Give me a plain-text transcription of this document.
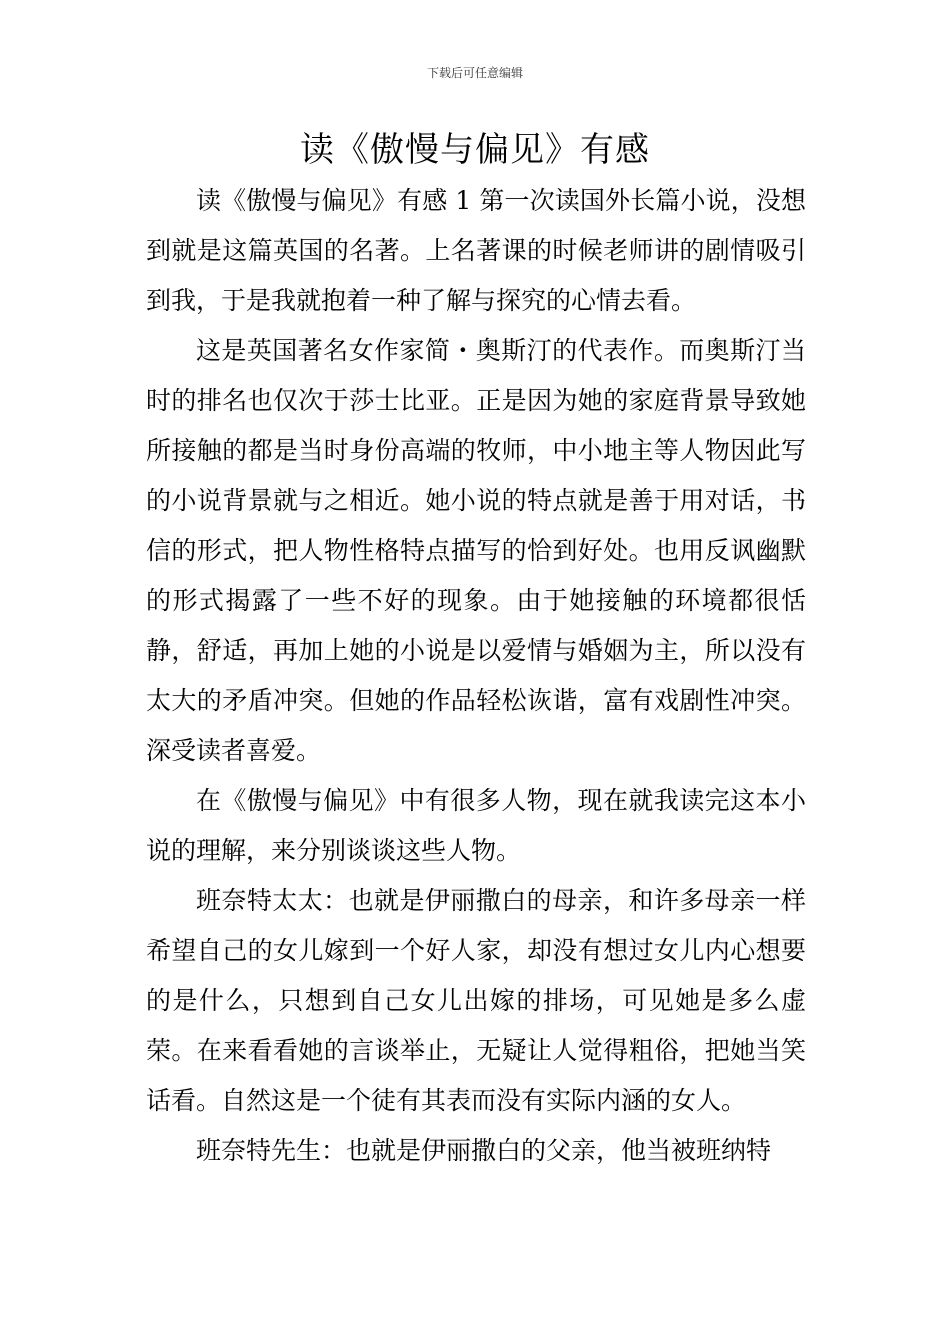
下载后可任意编辑
读《傲慢与偏见》有感

读《傲慢与偏见》有感 1 第一次读国外长篇小说，没想到就是这篇英国的名著。上名著课的时候老师讲的剧情吸引到我，于是我就抱着一种了解与探究的心情去看。

这是英国著名女作家简・奥斯汀的代表作。而奥斯汀当时的排名也仅次于莎士比亚。正是因为她的家庭背景导致她所接触的都是当时身份高端的牧师，中小地主等人物因此写的小说背景就与之相近。她小说的特点就是善于用对话，书信的形式，把人物性格特点描写的恰到好处。也用反讽幽默的形式揭露了一些不好的现象。由于她接触的环境都很恬静，舒适，再加上她的小说是以爱情与婚姻为主，所以没有太大的矛盾冲突。但她的作品轻松诙谐，富有戏剧性冲突。深受读者喜爱。

在《傲慢与偏见》中有很多人物，现在就我读完这本小说的理解，来分别谈谈这些人物。

班奈特太太：也就是伊丽撒白的母亲，和许多母亲一样希望自己的女儿嫁到一个好人家，却没有想过女儿内心想要的是什么，只想到自己女儿出嫁的排场，可见她是多么虚荣。在来看看她的言谈举止，无疑让人觉得粗俗，把她当笑话看。自然这是一个徒有其表而没有实际内涵的女人。

班奈特先生：也就是伊丽撒白的父亲，他当被班纳特
